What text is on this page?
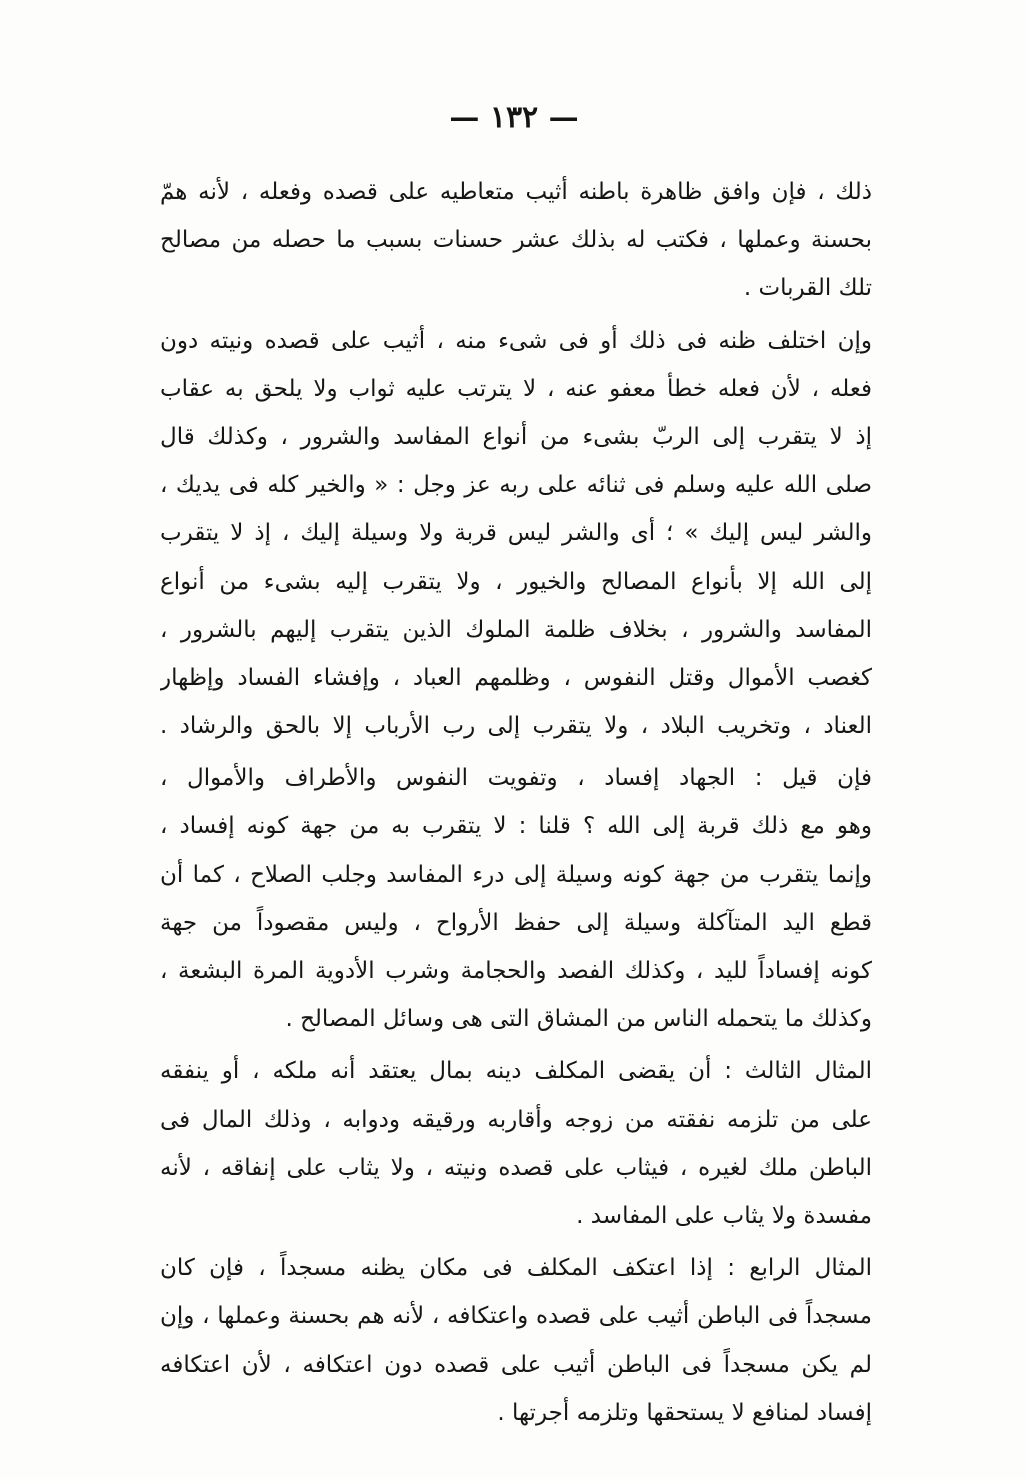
— ١٣٢ —
ذلك ، فإن وافق ظاهرة باطنه أثيب متعاطيه على قصده وفعله ، لأنه همّ
بحسنة وعملها ، فكتب له بذلك عشر حسنات بسبب ما حصله من مصالح
تلك القربات .
وإن اختلف ظنه فى ذلك أو فى شىء منه ، أثيب على قصده ونيته دون
فعله ، لأن فعله خطأ معفو عنه ، لا يترتب عليه ثواب ولا يلحق به عقاب
إذ لا يتقرب إلى الربّ بشىء من أنواع المفاسد والشرور ، وكذلك قال
صلى الله عليه وسلم فى ثنائه على ربه عز وجل : « والخير كله فى يديك ،
والشر ليس إليك » ؛ أى والشر ليس قربة ولا وسيلة إليك ، إذ لا يتقرب
إلى الله إلا بأنواع المصالح والخيور ، ولا يتقرب إليه بشىء من أنواع
المفاسد والشرور ، بخلاف ظلمة الملوك الذين يتقرب إليهم بالشرور ،
كغصب الأموال وقتل النفوس ، وظلمهم العباد ، وإفشاء الفساد وإظهار
العناد ، وتخريب البلاد ، ولا يتقرب إلى رب الأرباب إلا بالحق والرشاد .
فإن قيل : الجهاد إفساد ، وتفويت النفوس والأطراف والأموال ،
وهو مع ذلك قربة إلى الله ؟ قلنا : لا يتقرب به من جهة كونه إفساد ،
وإنما يتقرب من جهة كونه وسيلة إلى درء المفاسد وجلب الصلاح ، كما أن
قطع اليد المتآكلة وسيلة إلى حفظ الأرواح ، وليس مقصوداً من جهة
كونه إفساداً لليد ، وكذلك الفصد والحجامة وشرب الأدوية المرة البشعة ،
وكذلك ما يتحمله الناس من المشاق التى هى وسائل المصالح .
المثال الثالث : أن يقضى المكلف دينه بمال يعتقد أنه ملكه ، أو ينفقه
على من تلزمه نفقته من زوجه وأقاربه ورقيقه ودوابه ، وذلك المال فى
الباطن ملك لغيره ، فيثاب على قصده ونيته ، ولا يثاب على إنفاقه ، لأنه
مفسدة ولا يثاب على المفاسد .
المثال الرابع : إذا اعتكف المكلف فى مكان يظنه مسجداً ، فإن كان
مسجداً فى الباطن أثيب على قصده واعتكافه ، لأنه هم بحسنة وعملها ، وإن
لم يكن مسجداً فى الباطن أثيب على قصده دون اعتكافه ، لأن اعتكافه
إفساد لمنافع لا يستحقها وتلزمه أجرتها .
